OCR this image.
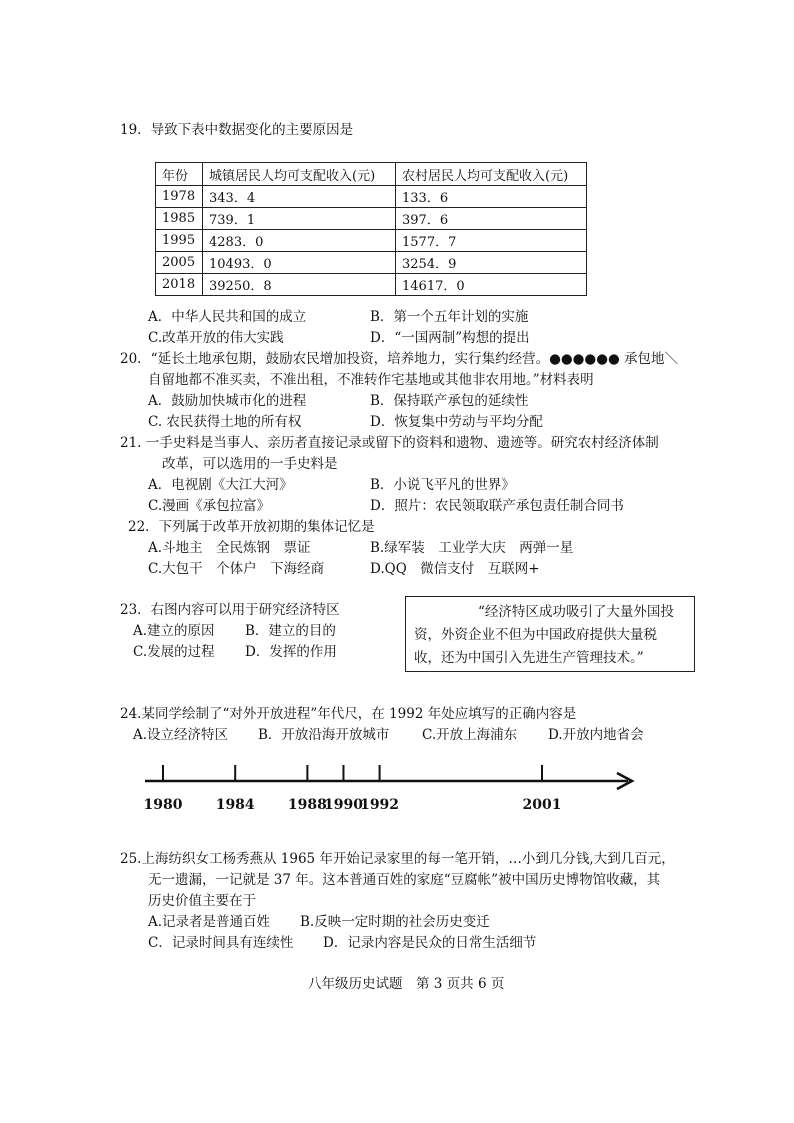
19．导致下表中数据变化的主要原因是
年份	城镇居民人均可支配收入(元)	农村居民人均可支配收入(元)
1978	343．4	133．6
1985	739．1	397．6
1995	4283．0	1577．7
2005	10493．0	3254．9
2018	39250．8	14617．0
A．中华人民共和国的成立	B．第一个五年计划的实施
C.改革开放的伟大实践	D．“一国两制”构想的提出
20．“延长土地承包期，鼓励农民增加投资，培养地力，实行集约经营。●●●●●● 承包地＼
自留地都不准买卖，不准出租，不准转作宅基地或其他非农用地。”材料表明
A．鼓励加快城市化的进程	B．保持联产承包的延续性
C. 农民获得土地的所有权	D．恢复集中劳动与平均分配
21. 一手史料是当事人、亲历者直接记录或留下的资料和遗物、遗迹等。研究农村经济体制
改革，可以选用的一手史料是
A．电视剧《大江大河》	B．小说飞平凡的世界》
C.漫画《承包拉富》	D．照片：农民领取联产承包责任制合同书
22．下列属于改革开放初期的集体记忆是
A.斗地主　全民炼钢　票证	B.绿军装　工业学大庆　两弹一星
C.大包干　个体户　下海经商	D.QQ　微信支付　互联网+
23．右图内容可以用于研究经济特区
A.建立的原因 B．建立的目的
C.发展的过程 D．发挥的作用
“经济特区成功吸引了大量外国投
资，外资企业不但为中国政府提供大量税
收，还为中国引入先进生产管理技术。”
24.某同学绘制了“对外开放进程”年代尺，在 1992 年处应填写的正确内容是
A.设立经济特区 B．开放沿海开放城市 C.开放上海浦东 D.开放内地省会
1980 1984 1988
1990
1992	2001
25.上海纺织女工杨秀燕从 1965 年开始记录家里的每一笔开销，…小到几分钱,大到几百元，
无一遗漏，一记就是 37 年。这本普通百姓的家庭“豆腐帐”被中国历史博物馆收藏，其
历史价值主要在于
A.记录者是普通百姓 B.反映一定时期的社会历史变迁
C．记录时间具有连续性 D．记录内容是民众的日常生活细节
八年级历史试题　第 3 页共 6 页
